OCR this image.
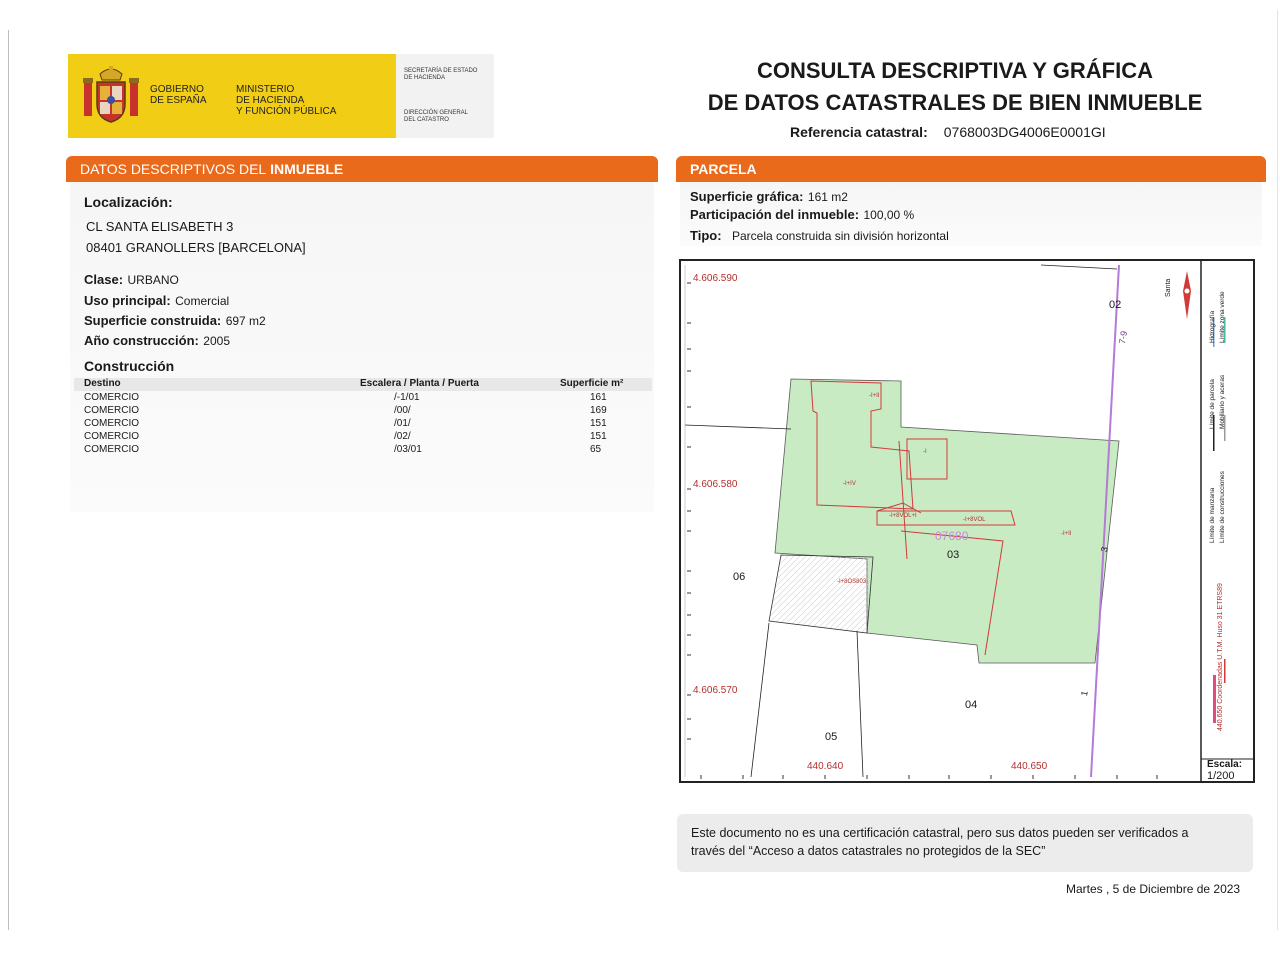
GOBIERNO
DE ESPAÑA
MINISTERIO
DE HACIENDA
Y FUNCIÓN PÚBLICA
SECRETARÍA DE ESTADO
DE HACIENDA
DIRECCIÓN GENERAL
DEL CATASTRO
CONSULTA DESCRIPTIVA Y GRÁFICA
DE DATOS CATASTRALES DE BIEN INMUEBLE
Referencia catastral: 0768003DG4006E0001GI
DATOS DESCRIPTIVOS DEL INMUEBLE
Localización:
CL SANTA ELISABETH 3
08401 GRANOLLERS [BARCELONA]
Clase: URBANO
Uso principal: Comercial
Superficie construida: 697 m2
Año construcción: 2005
Construcción
Destino	Escalera / Planta / Puerta	Superficie m²
COMERCIO	/-1/01	161
COMERCIO	/00/	169
COMERCIO	/01/	151
COMERCIO	/02/	151
COMERCIO	/03/01	65
PARCELA
Superficie gráfica: 161 m2
Participación del inmueble: 100,00 %
Tipo: Parcela construida sin división horizontal
4.606.590
4.606.580
4.606.570
440.640	440.650
02
03
04
05
06
07680
Santa
7-9
3
1
-I+II
-I
-I+IV
-I+8VOL+I
-I+8VOL
-I+II
-I+8OS803
Límite de manzana
Límite de parcela
Hidrografía
Límite de construcciones
Mobiliario y aceras
Límite zona verde
440.650 Coordenadas U.T.M. Huso 31 ETRS89
Escala:
1/200
Este documento no es una certificación catastral, pero sus datos pueden ser verificados a
través del “Acceso a datos catastrales no protegidos de la SEC”
Martes , 5 de Diciembre de 2023
